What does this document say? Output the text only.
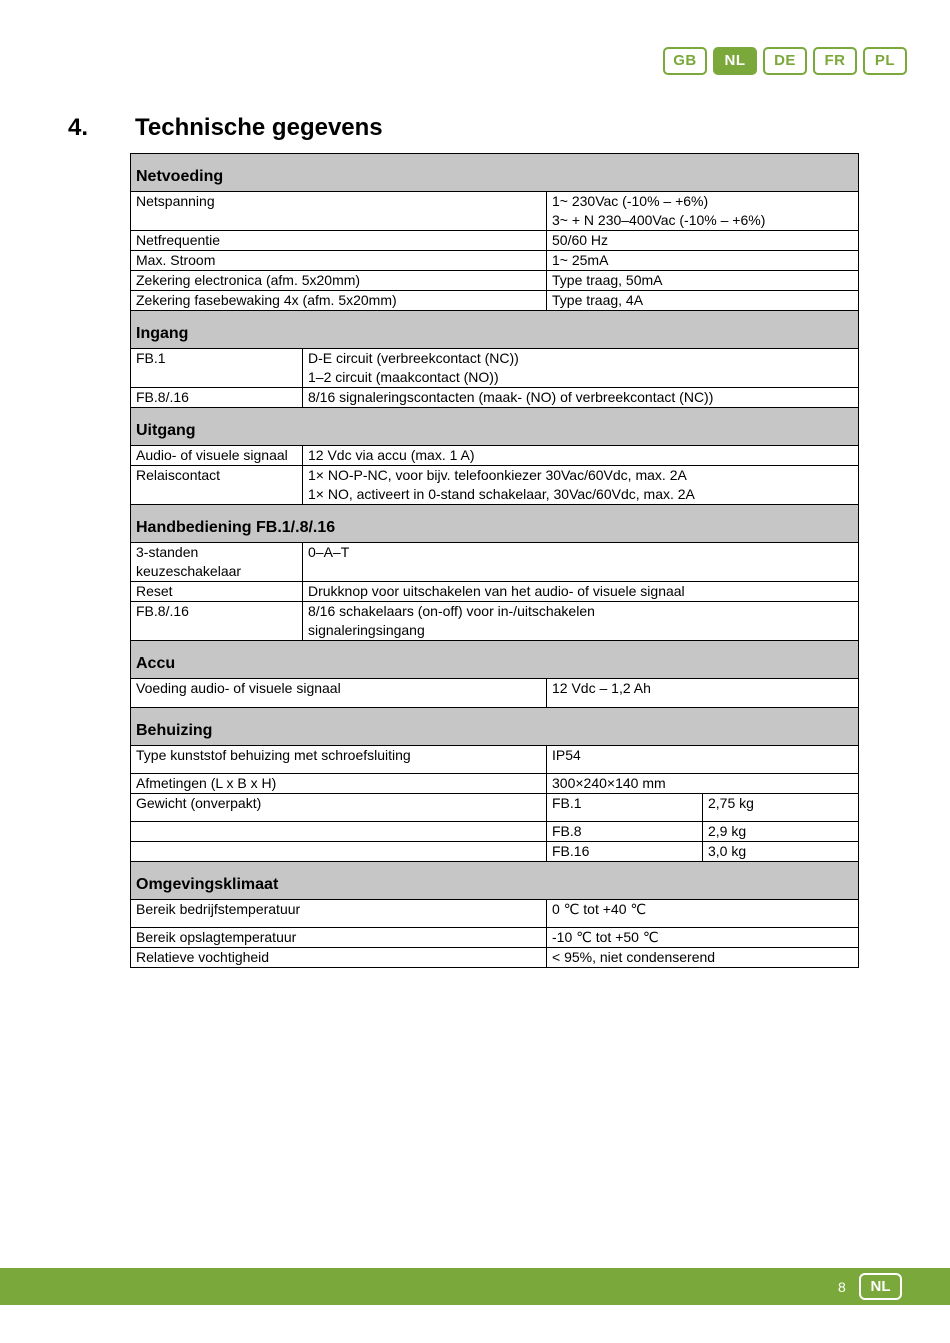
GB	NL	DE	FR	PL
4. Technische gegevens
Netvoeding			
Netspanning		1~ 230Vac (-10% – +6%)
3~ + N 230–400Vac (-10% – +6%)	
Netfrequentie		50/60 Hz	
Max. Stroom		1~ 25mA	
Zekering electronica (afm. 5x20mm)		Type traag, 50mA	
Zekering fasebewaking 4x (afm. 5x20mm)		Type traag, 4A	
Ingang			
FB.1	D-E circuit (verbreekcontact (NC))
1–2 circuit (maakcontact (NO))		
FB.8/.16	8/16 signaleringscontacten (maak- (NO) of verbreekcontact (NC))		
Uitgang			
Audio- of visuele signaal	12 Vdc via accu (max. 1 A)		
Relaiscontact	1× NO-P-NC, voor bijv. telefoonkiezer 30Vac/60Vdc, max. 2A
1× NO, activeert in 0-stand schakelaar, 30Vac/60Vdc, max. 2A		
Handbediening FB.1/.8/.16			
3-standen
keuzeschakelaar	0–A–T		
Reset	Drukknop voor uitschakelen van het audio- of visuele signaal		
FB.8/.16	8/16 schakelaars (on-off) voor in-/uitschakelen
signaleringsingang		
Accu			
Voeding audio- of visuele signaal		12 Vdc – 1,2 Ah	
Behuizing			
Type kunststof behuizing met schroefsluiting		IP54	
Afmetingen (L x B x H)		300×240×140 mm	
Gewicht (onverpakt)		FB.1	2,75 kg
		FB.8	2,9 kg
		FB.16	3,0 kg
Omgevingsklimaat			
Bereik bedrijfstemperatuur		0 ℃ tot +40 ℃	
Bereik opslagtemperatuur		-10 ℃ tot +50 ℃	
Relatieve vochtigheid		< 95%, niet condenserend	
8	NL
